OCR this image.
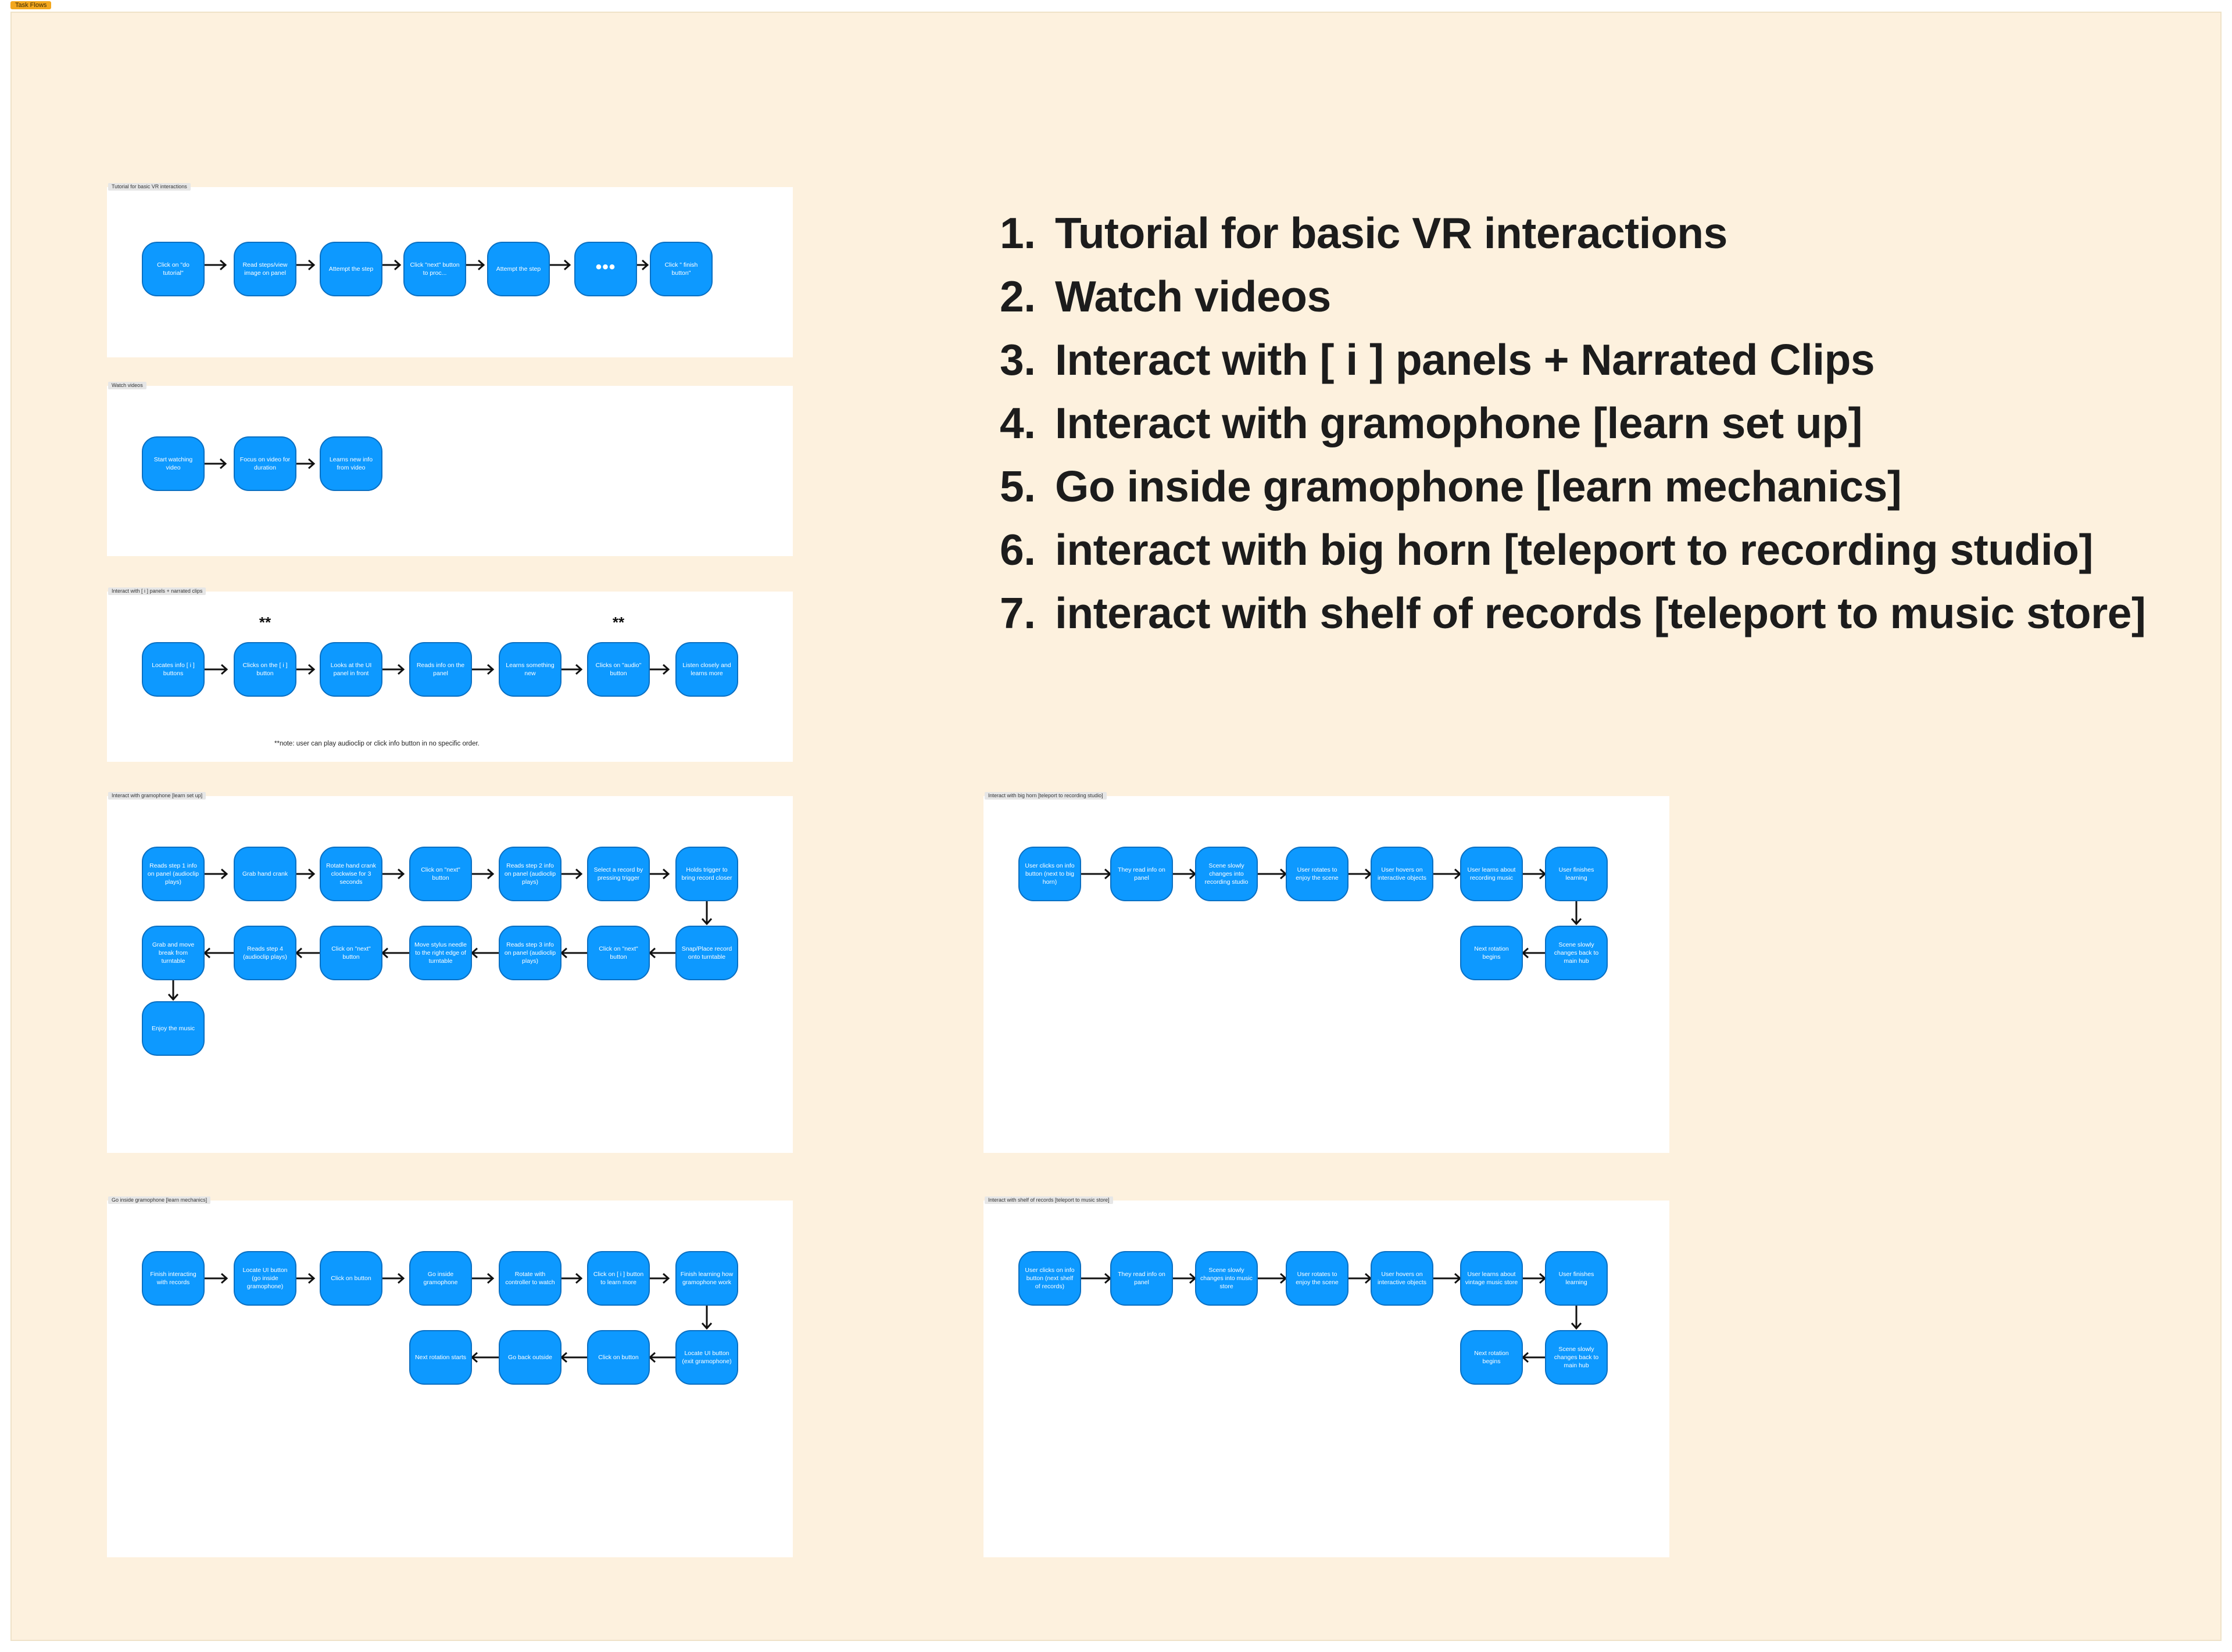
Task Flows
Tutorial for basic VR interactions
Click on "do tutorial"
Read steps/view image on panel
Attempt the step
Click "next" button to proc...
Attempt the step	•••	Click " finish button"
Watch videos
Start watching video
Focus on video for duration
Learns new info from video
Interact with [ i ] panels + narrated clips
**	**
Locates info [ i ] buttons
Clicks on the [ i ] button
Looks at the UI panel in front
Reads info on the panel
Learns something new
Clicks on "audio" button
Listen closely and learns more
**note: user can play audioclip or click info button in no specific order.
Interact with gramophone [learn set up]
Reads step 1 info on panel (audioclip plays)
Grab hand crank
Rotate hand crank clockwise for 3 seconds
Click on "next" button
Reads step 2 info on panel (audioclip plays)
Select a record by pressing trigger
Holds trigger to bring record closer
Snap/Place record onto turntable
Click on "next" button
Reads step 3 info on panel (audioclip plays)
Move stylus needle to the right edge of turntable
Click on "next" button
Reads step 4 (audioclip plays)
Grab and move break from turntable
Enjoy the music
Go inside gramophone [learn mechanics]
Finish interacting with records
Locate UI button (go inside gramophone)
Click on button
Go inside gramophone
Rotate with controller to watch
Click on [ i ] button to learn more
Finish learning how gramophone work
Locate UI button (exit gramophone)
Click on button
Go back outside
Next rotation starts
Interact with big horn [teleport to recording studio]
User clicks on info button (next to big horn)
They read info on panel
Scene slowly changes into recording studio
User rotates to enjoy the scene
User hovers on interactive objects
User learns about recording music
User finishes learning
Scene slowly changes back to main hub
Next rotation begins
Interact with shelf of records [teleport to music store]
User clicks on info button (next shelf of records)
They read info on panel
Scene slowly changes into music store
User rotates to enjoy the scene
User hovers on interactive objects
User learns about vintage music store
User finishes learning
Scene slowly changes back to main hub
Next rotation begins
1. Tutorial for basic VR interactions
2. Watch videos
3. Interact with [ i ] panels + Narrated Clips
4. Interact with gramophone [learn set up]
5. Go inside gramophone [learn mechanics]
6. interact with big horn [teleport to recording studio]
7. interact with shelf of records [teleport to music store]
